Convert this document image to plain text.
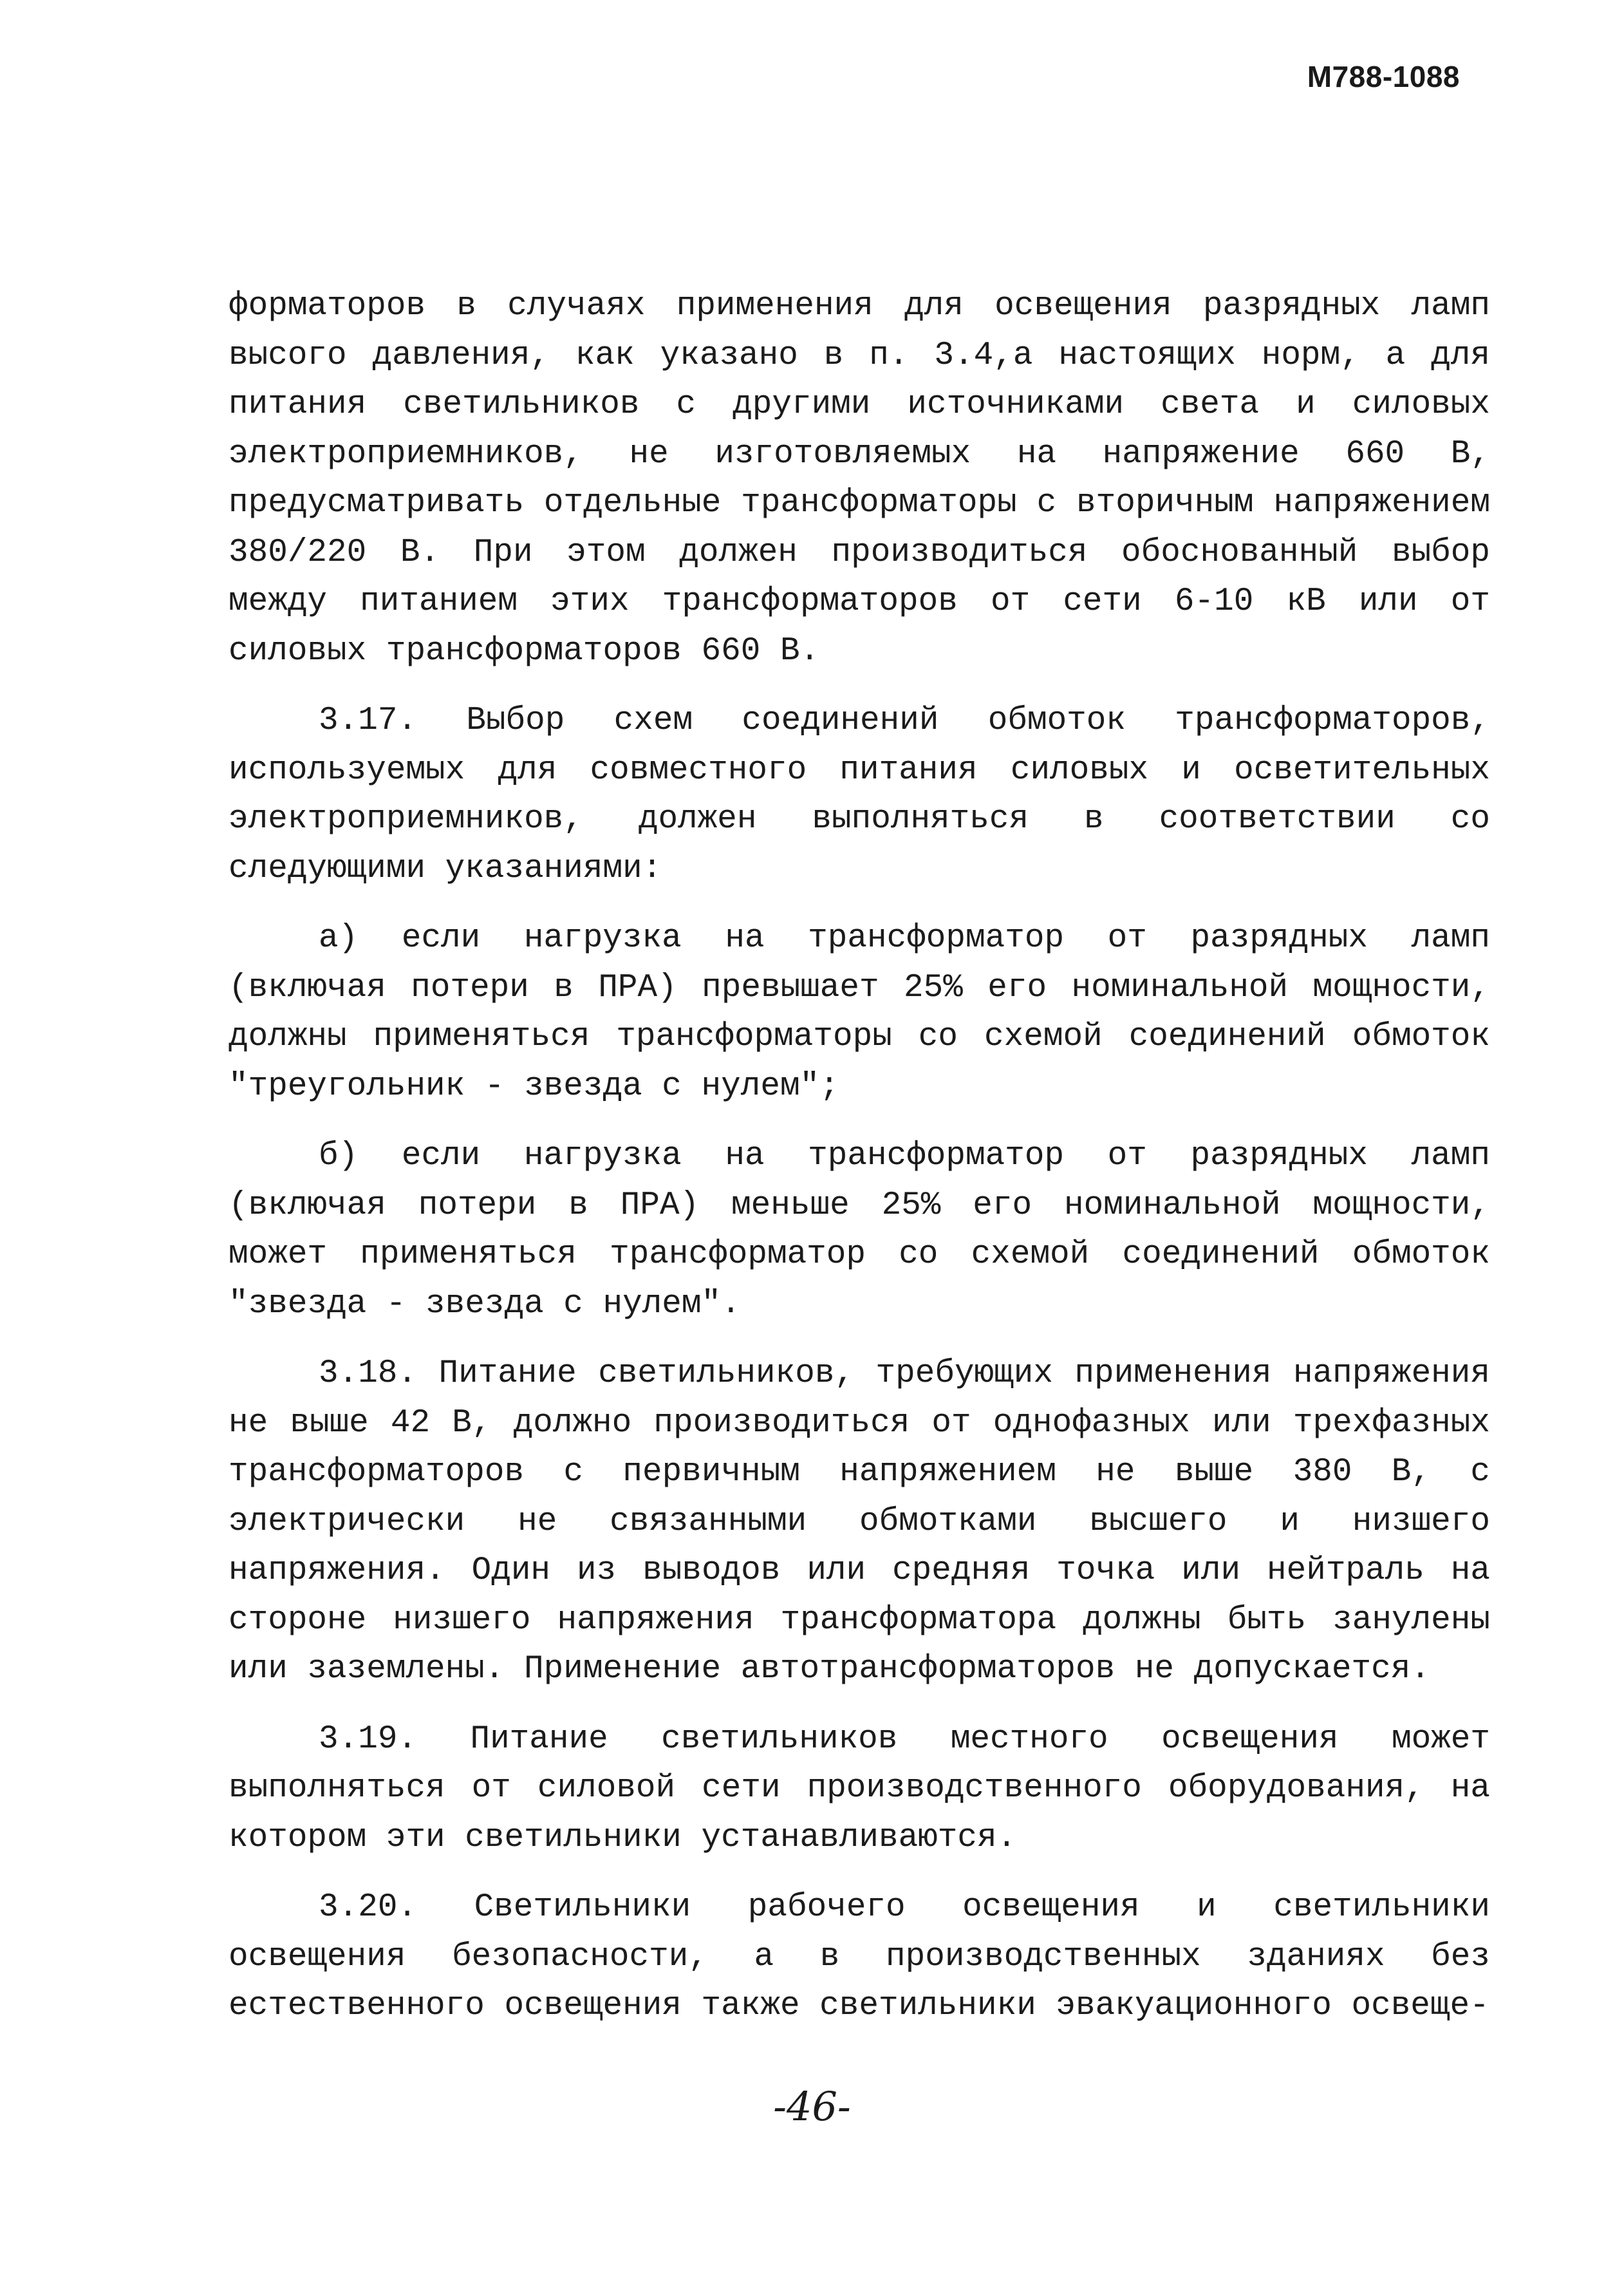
М788-1088

форматоров в случаях применения для освещения разрядных ламп высого давления, как указано в п. 3.4,а настоящих норм, а для питания светильников с другими источниками света и силовых электроприемников, не изготовляемых на напряжение 660 В, предусматривать отдельные трансформаторы с вторичным напряжением 380/220 В. При этом должен производиться обоснованный выбор между питанием этих трансформаторов от сети 6-10 кВ или от силовых трансформаторов 660 В.

3.17. Выбор схем соединений обмоток трансформаторов, используемых для совместного питания силовых и осветительных электроприемников, должен выполняться в соответствии со следующими указаниями:

а) если нагрузка на трансформатор от разрядных ламп (включая потери в ПРА) превышает 25% его номинальной мощности, должны применяться трансформаторы со схемой соединений обмоток "треугольник - звезда с нулем";

б) если нагрузка на трансформатор от разрядных ламп (включая потери в ПРА) меньше 25% его номинальной мощности, может применяться трансформатор со схемой соединений обмоток "звезда - звезда с нулем".

3.18. Питание светильников, требующих применения напряжения не выше 42 В, должно производиться от однофазных или трехфазных трансформаторов с первичным напряжением не выше 380 В, с электрически не связанными обмотками высшего и низшего напряжения. Один из выводов или средняя точка или нейтраль на стороне низшего напряжения трансформатора должны быть занулены или заземлены. Применение автотрансформаторов не допускается.

3.19. Питание светильников местного освещения может выполняться от силовой сети производственного оборудования, на котором эти светильники устанавливаются.

3.20. Светильники рабочего освещения и светильники освещения безопасности, а в производственных зданиях без естественного освещения также светильники эвакуационного освеще-

-46-
